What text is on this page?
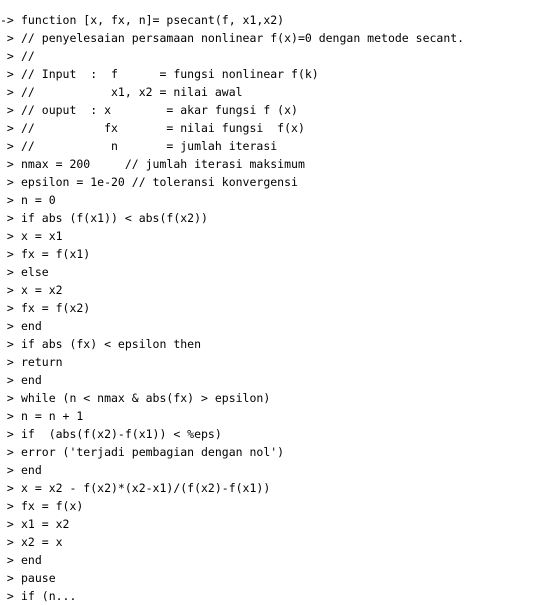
-> function [x, fx, n]= psecant(f, x1,x2)
> // penyelesaian persamaan nonlinear f(x)=0 dengan metode secant.
> //
> // Input  :  f      = fungsi nonlinear f(k)
> //           x1, x2 = nilai awal
> // ouput  : x        = akar fungsi f (x)
> //          fx       = nilai fungsi  f(x)
> //           n       = jumlah iterasi
> nmax = 200     // jumlah iterasi maksimum
> epsilon = 1e-20 // toleransi konvergensi
> n = 0
> if abs (f(x1)) < abs(f(x2))
> x = x1
> fx = f(x1)
> else
> x = x2
> fx = f(x2)
> end
> if abs (fx) < epsilon then
> return
> end
> while (n < nmax & abs(fx) > epsilon)
> n = n + 1
> if  (abs(f(x2)-f(x1)) < %eps)
> error ('terjadi pembagian dengan nol')
> end
> x = x2 - f(x2)*(x2-x1)/(f(x2)-f(x1))
> fx = f(x)
> x1 = x2
> x2 = x
> end
> pause
> if (n...
